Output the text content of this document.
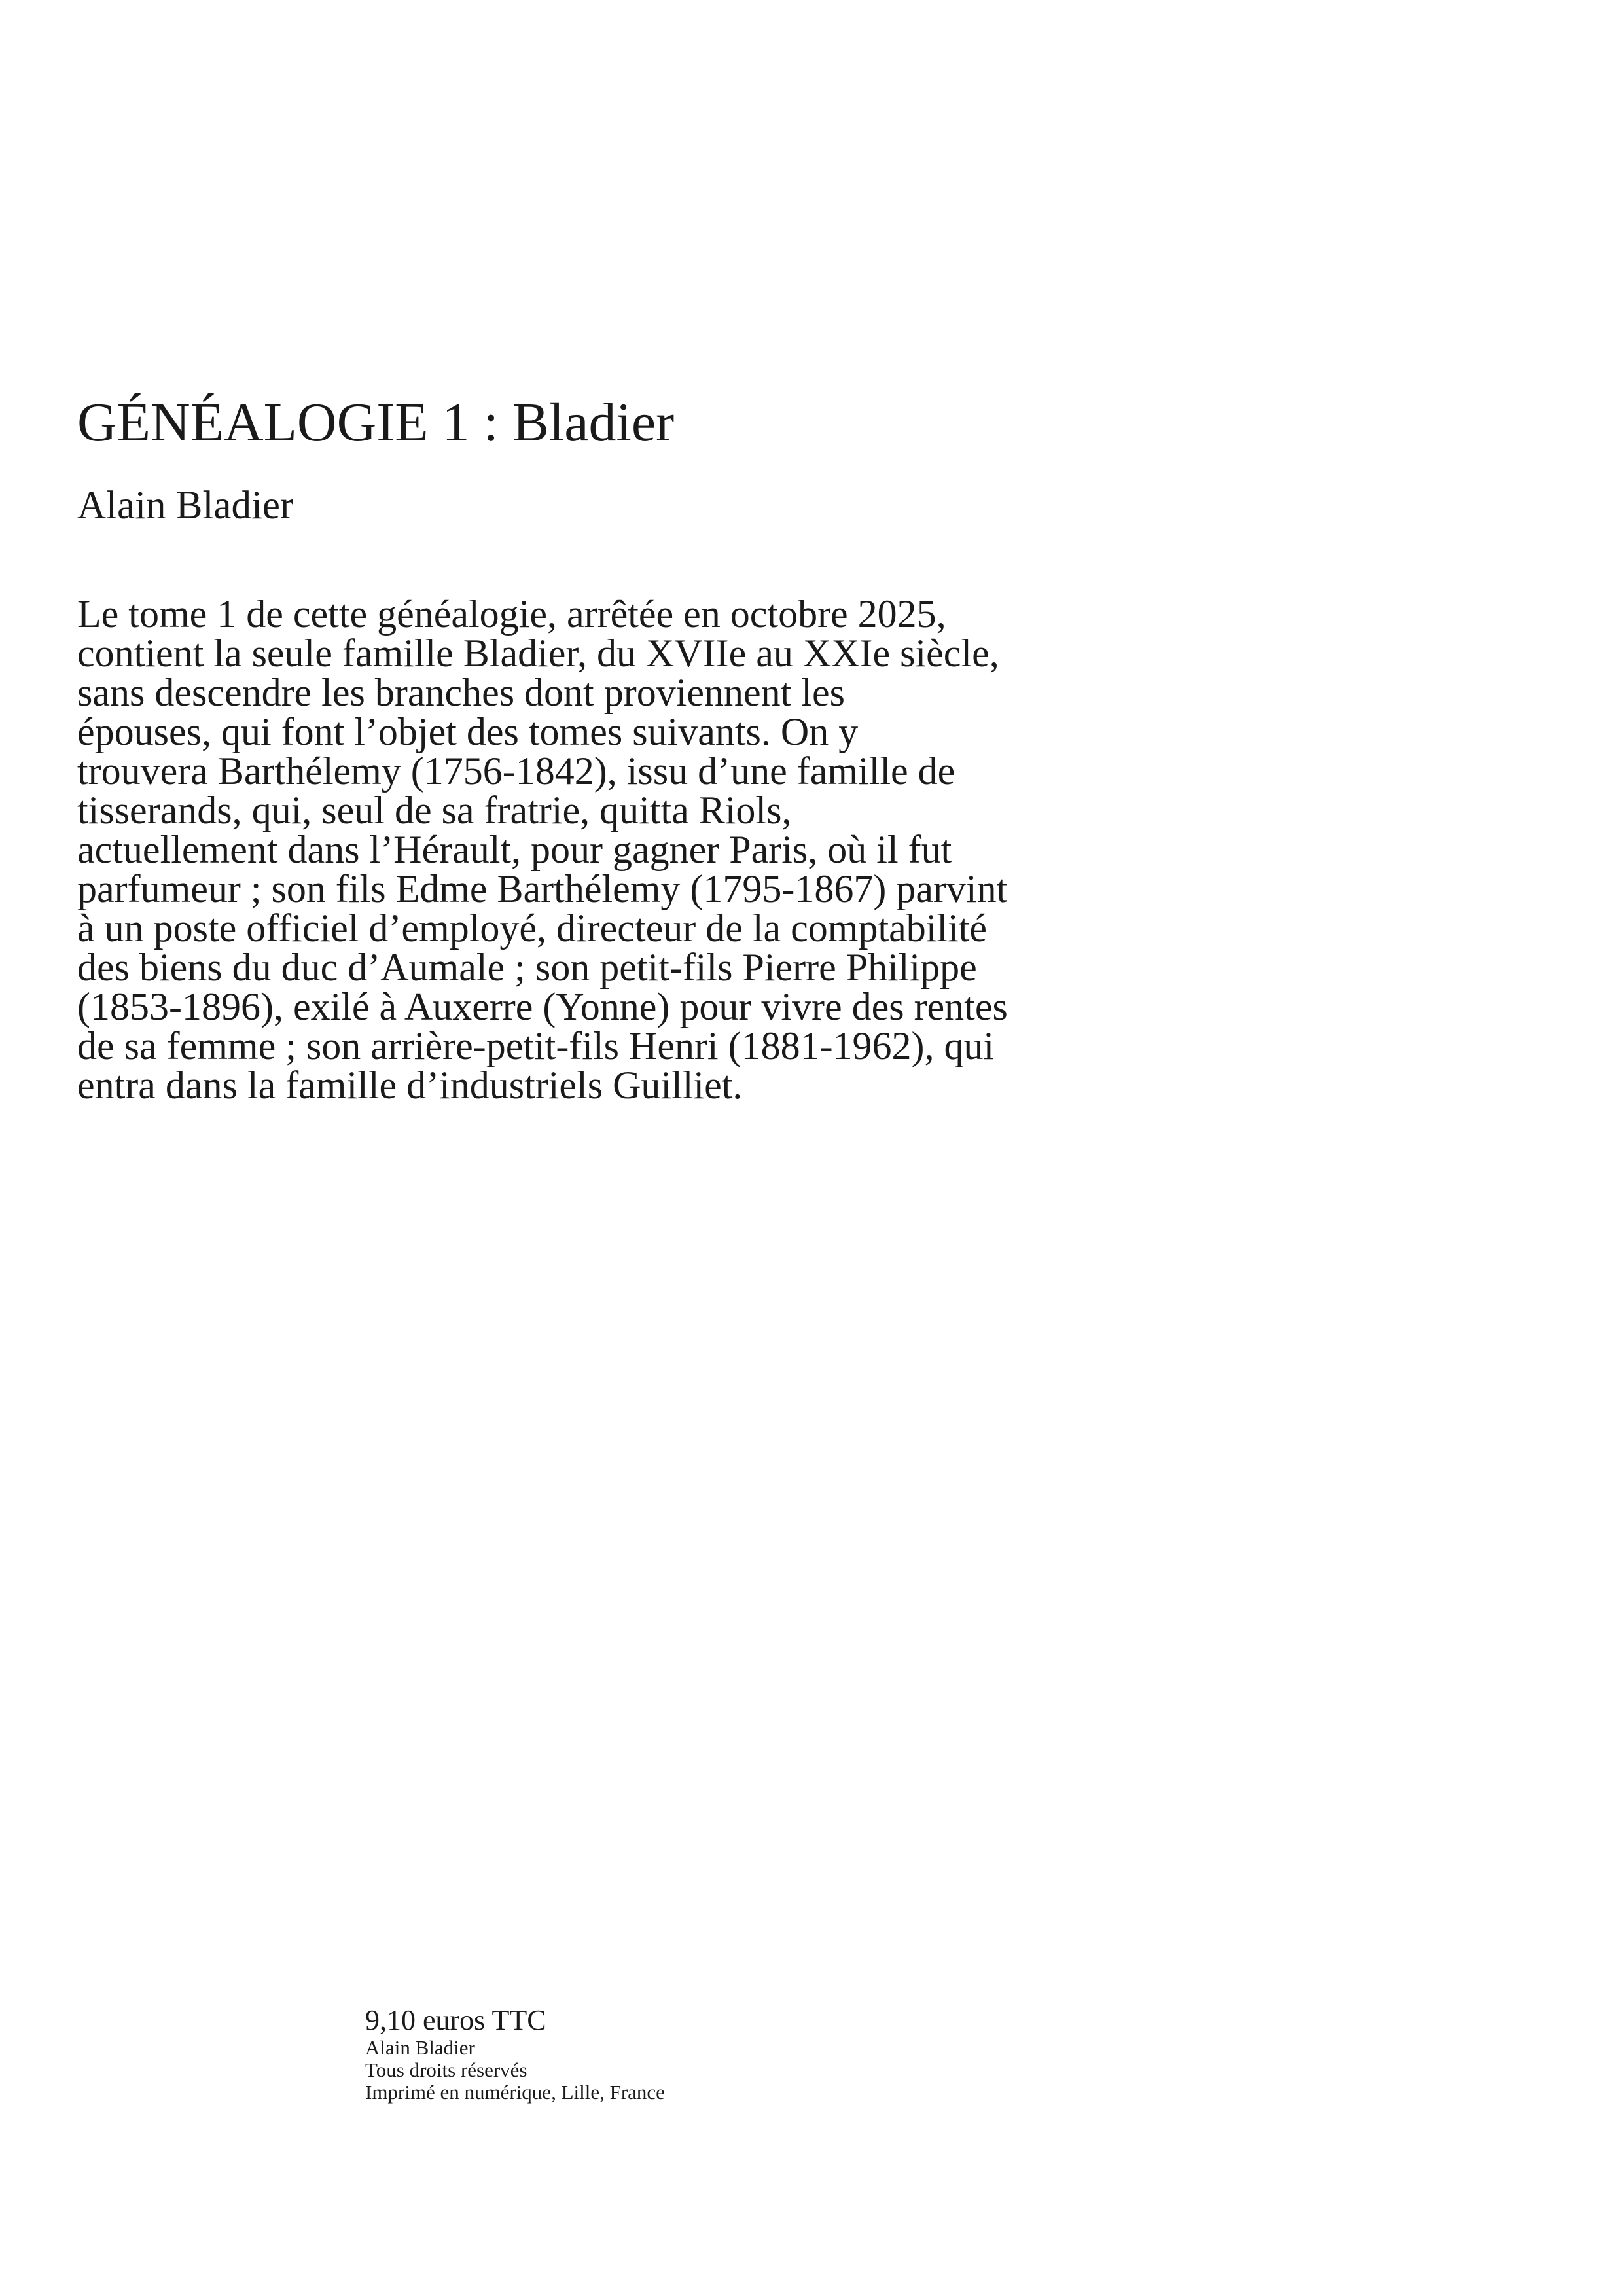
GÉNÉALOGIE 1 : Bladier
Alain Bladier

Le tome 1 de cette généalogie, arrêtée en octobre 2025,
contient la seule famille Bladier, du XVIIe au XXIe siècle,
sans descendre les branches dont proviennent les
épouses, qui font l’objet des tomes suivants. On y
trouvera Barthélemy (1756-1842), issu d’une famille de
tisserands, qui, seul de sa fratrie, quitta Riols,
actuellement dans l’Hérault, pour gagner Paris, où il fut
parfumeur ; son fils Edme Barthélemy (1795-1867) parvint
à un poste officiel d’employé, directeur de la comptabilité
des biens du duc d’Aumale ; son petit-fils Pierre Philippe
(1853-1896), exilé à Auxerre (Yonne) pour vivre des rentes
de sa femme ; son arrière-petit-fils Henri (1881-1962), qui
entra dans la famille d’industriels Guilliet.

9,10 euros TTC
Alain Bladier
Tous droits réservés
Imprimé en numérique, Lille, France
